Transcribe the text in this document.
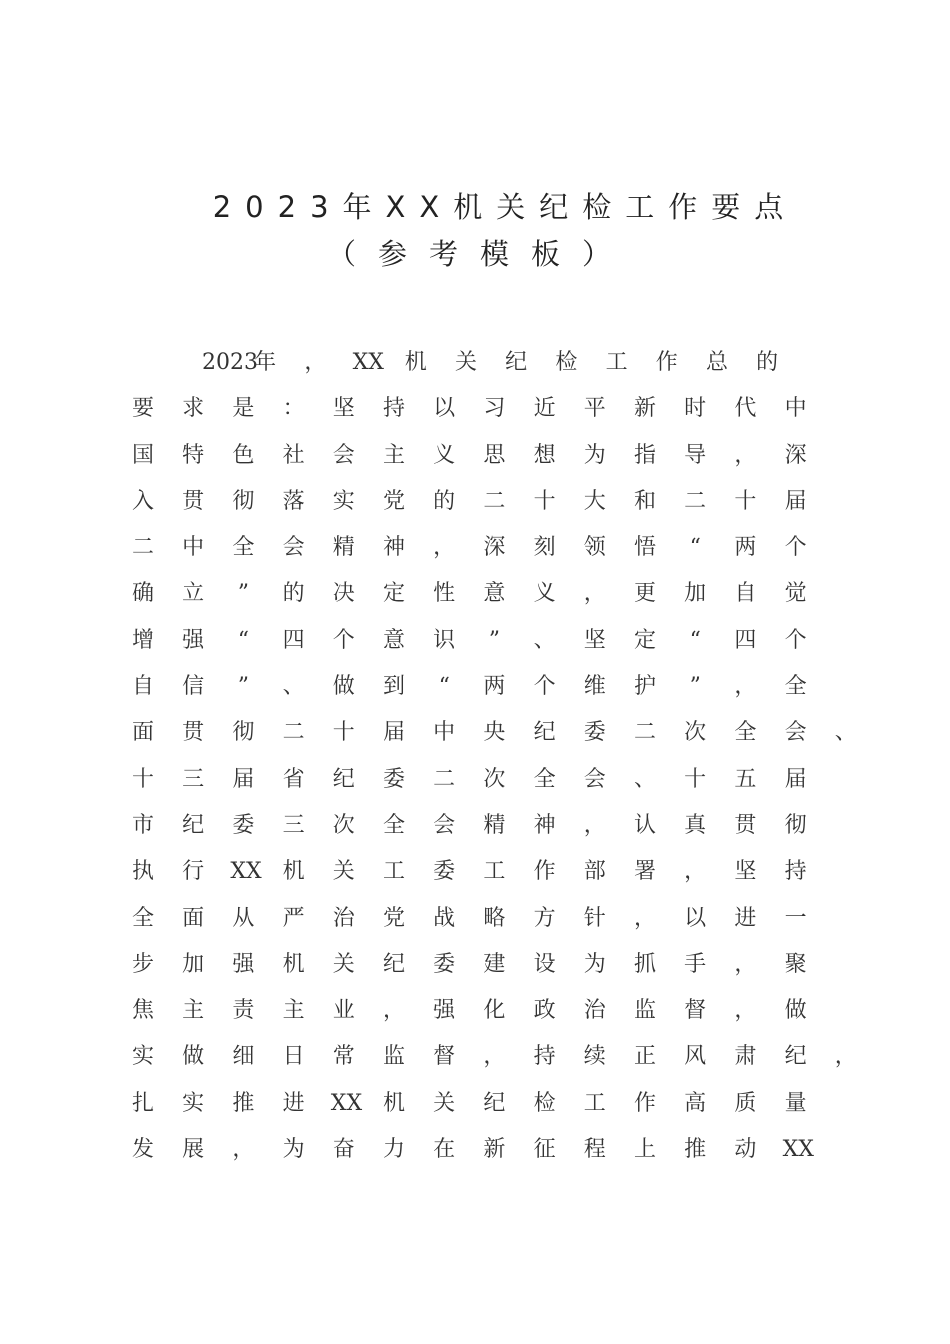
2023年XX机关纪检工作要点
（参考模板）
2023
年 ， XX 机 关 纪 检 工 作 总 的
要 求 是 ： 坚 持 以 习 近 平 新 时 代 中
国 特 色 社 会 主 义 思 想 为 指 导 ， 深
入 贯 彻 落 实 党 的 二 十 大 和 二 十 届
二 中 全 会 精 神 ， 深 刻 领 悟	“	两 个
确 立	”	的 决 定 性 意 义 ， 更 加 自 觉
增 强	“	四 个 意 识	”	、 坚 定	“	四 个
自 信	”	、 做 到	“	两 个 维 护	”	， 全
面 贯 彻 二 十 届 中 央 纪 委 二 次 全 会 、
十 三 届 省 纪 委 二 次 全 会 、 十 五 届
市 纪 委 三 次 全 会 精 神 ， 认 真 贯 彻
执 行 XX 机 关 工 委 工 作 部 署 ， 坚 持
全 面 从 严 治 党 战 略 方 针 ， 以 进 一
步 加 强 机 关 纪 委 建 设 为 抓 手 ， 聚
焦 主 责 主 业 ， 强 化 政 治 监 督 ， 做
实 做 细 日 常 监 督 ， 持 续 正 风 肃 纪 ，
扎 实 推 进 XX 机 关 纪 检 工 作 高 质 量
发 展 ， 为 奋 力 在 新 征 程 上 推 动 XX
